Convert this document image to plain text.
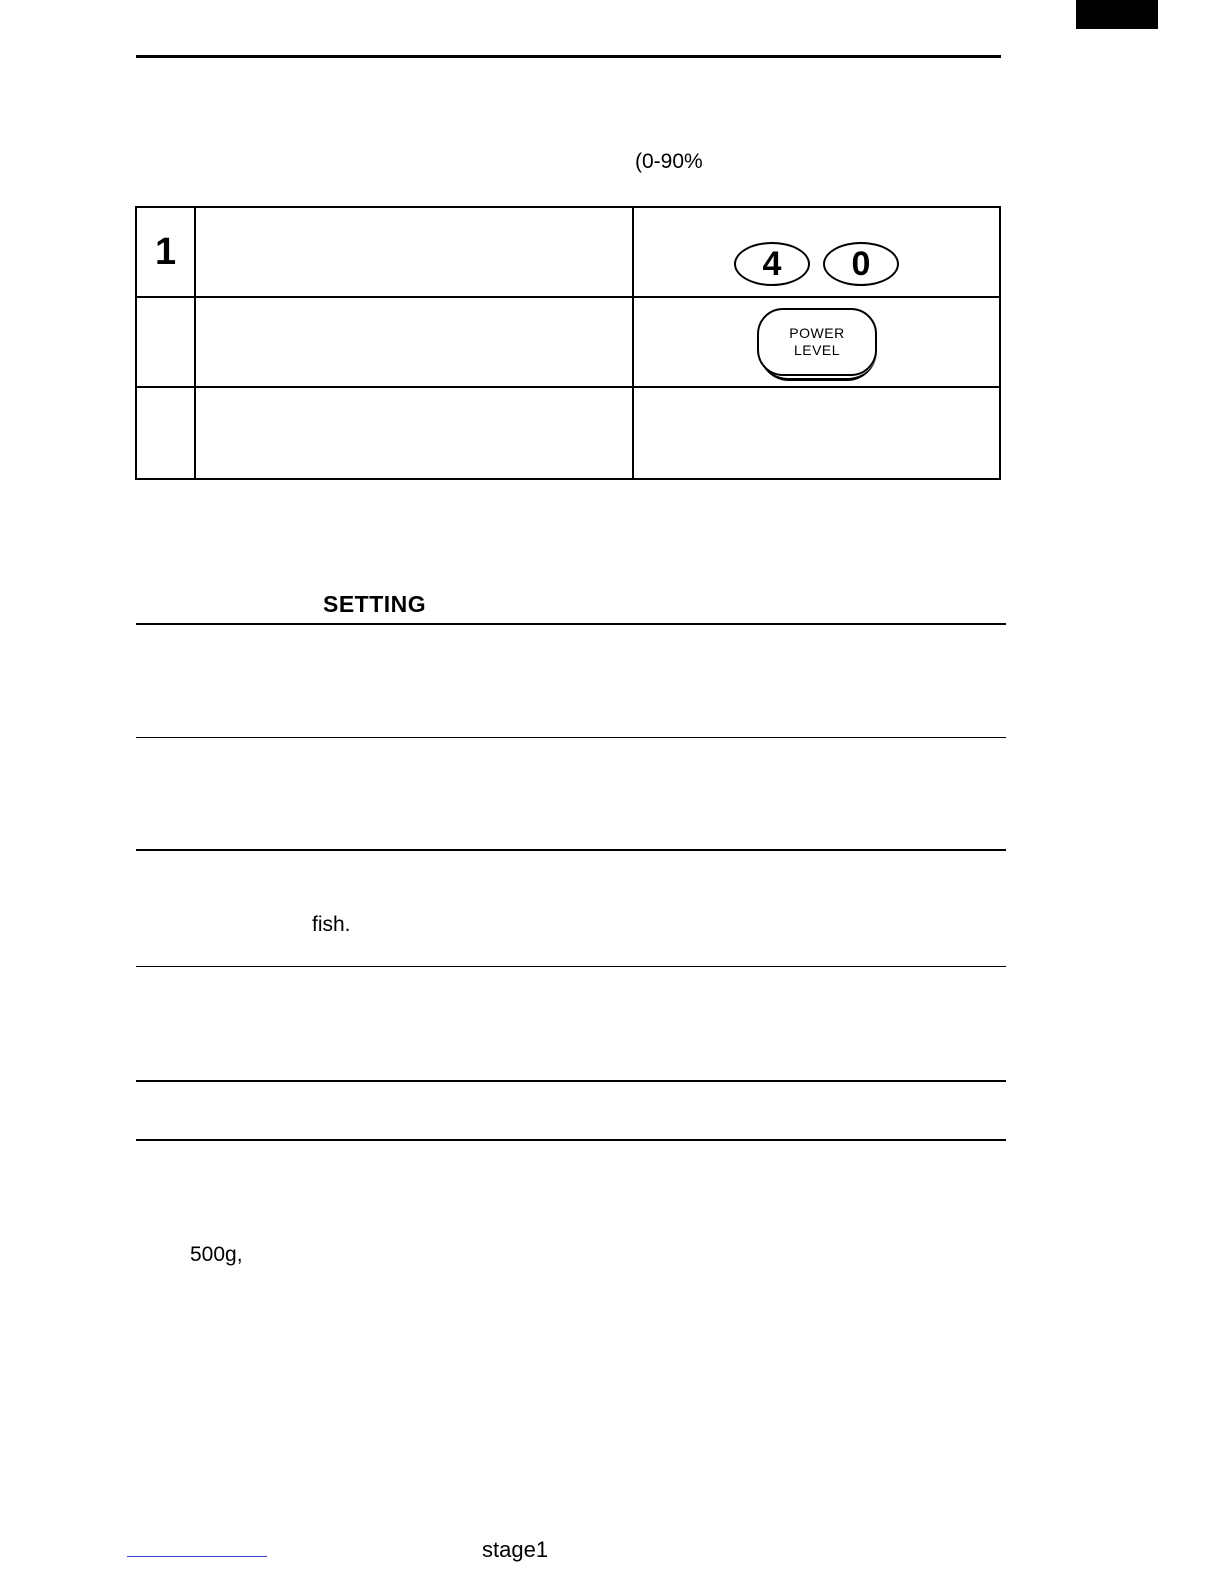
(0-90%
1	4	0
POWER
LEVEL
SETTING
fish.
500g,
stage1
